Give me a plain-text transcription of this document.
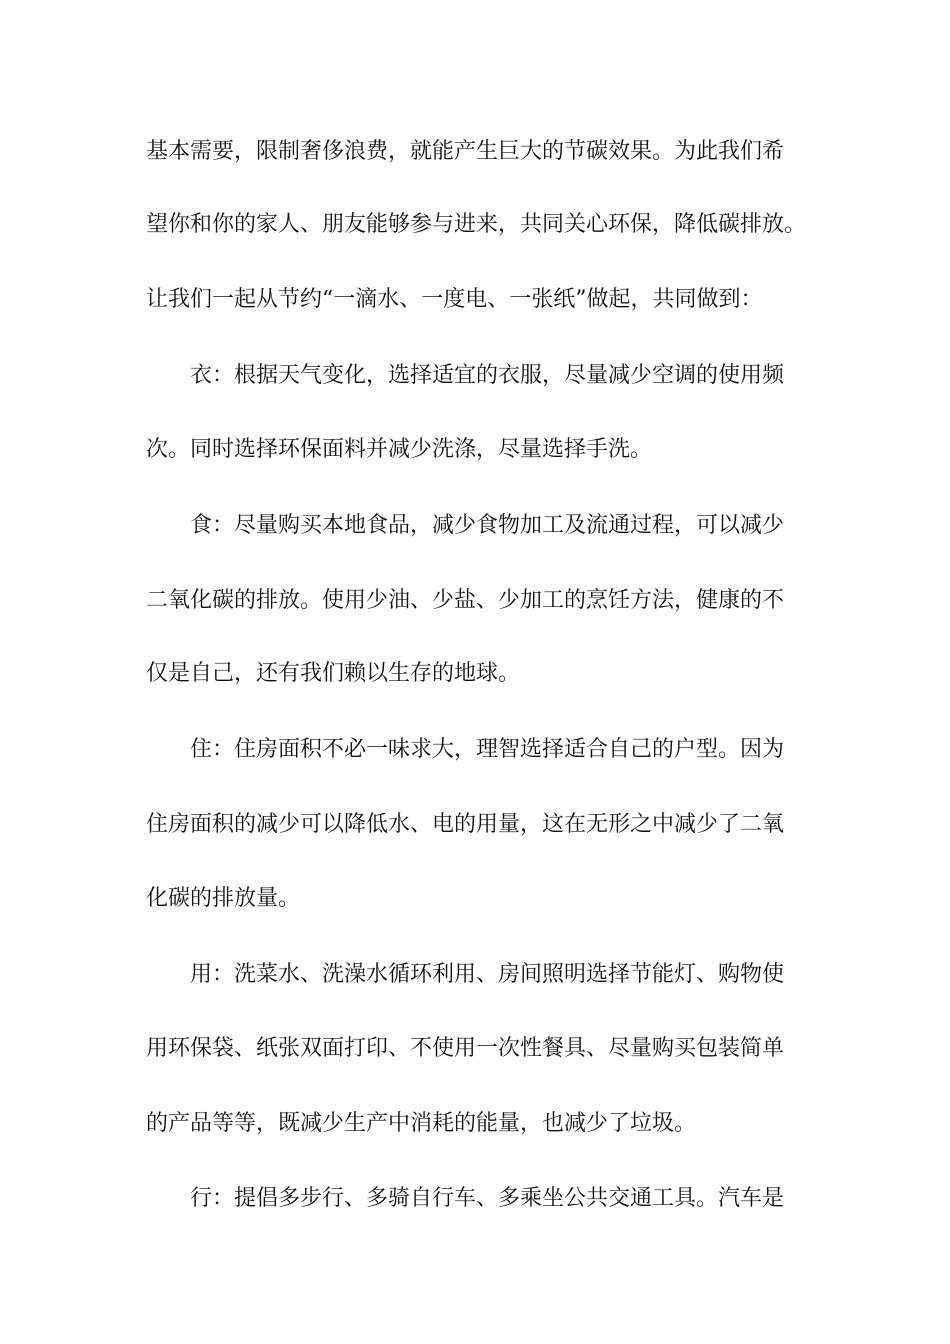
基本需要，限制奢侈浪费，就能产生巨大的节碳效果。为此我们希
望你和你的家人、朋友能够参与进来，共同关心环保，降低碳排放。
让我们一起从节约“一滴水、一度电、一张纸”做起，共同做到：
衣：根据天气变化，选择适宜的衣服，尽量减少空调的使用频
次。同时选择环保面料并减少洗涤，尽量选择手洗。
食：尽量购买本地食品，减少食物加工及流通过程，可以减少
二氧化碳的排放。使用少油、少盐、少加工的烹饪方法，健康的不
仅是自己，还有我们赖以生存的地球。
住：住房面积不必一味求大，理智选择适合自己的户型。因为
住房面积的减少可以降低水、电的用量，这在无形之中减少了二氧
化碳的排放量。
用：洗菜水、洗澡水循环利用、房间照明选择节能灯、购物使
用环保袋、纸张双面打印、不使用一次性餐具、尽量购买包装简单
的产品等等，既减少生产中消耗的能量，也减少了垃圾。
行：提倡多步行、多骑自行车、多乘坐公共交通工具。汽车是
